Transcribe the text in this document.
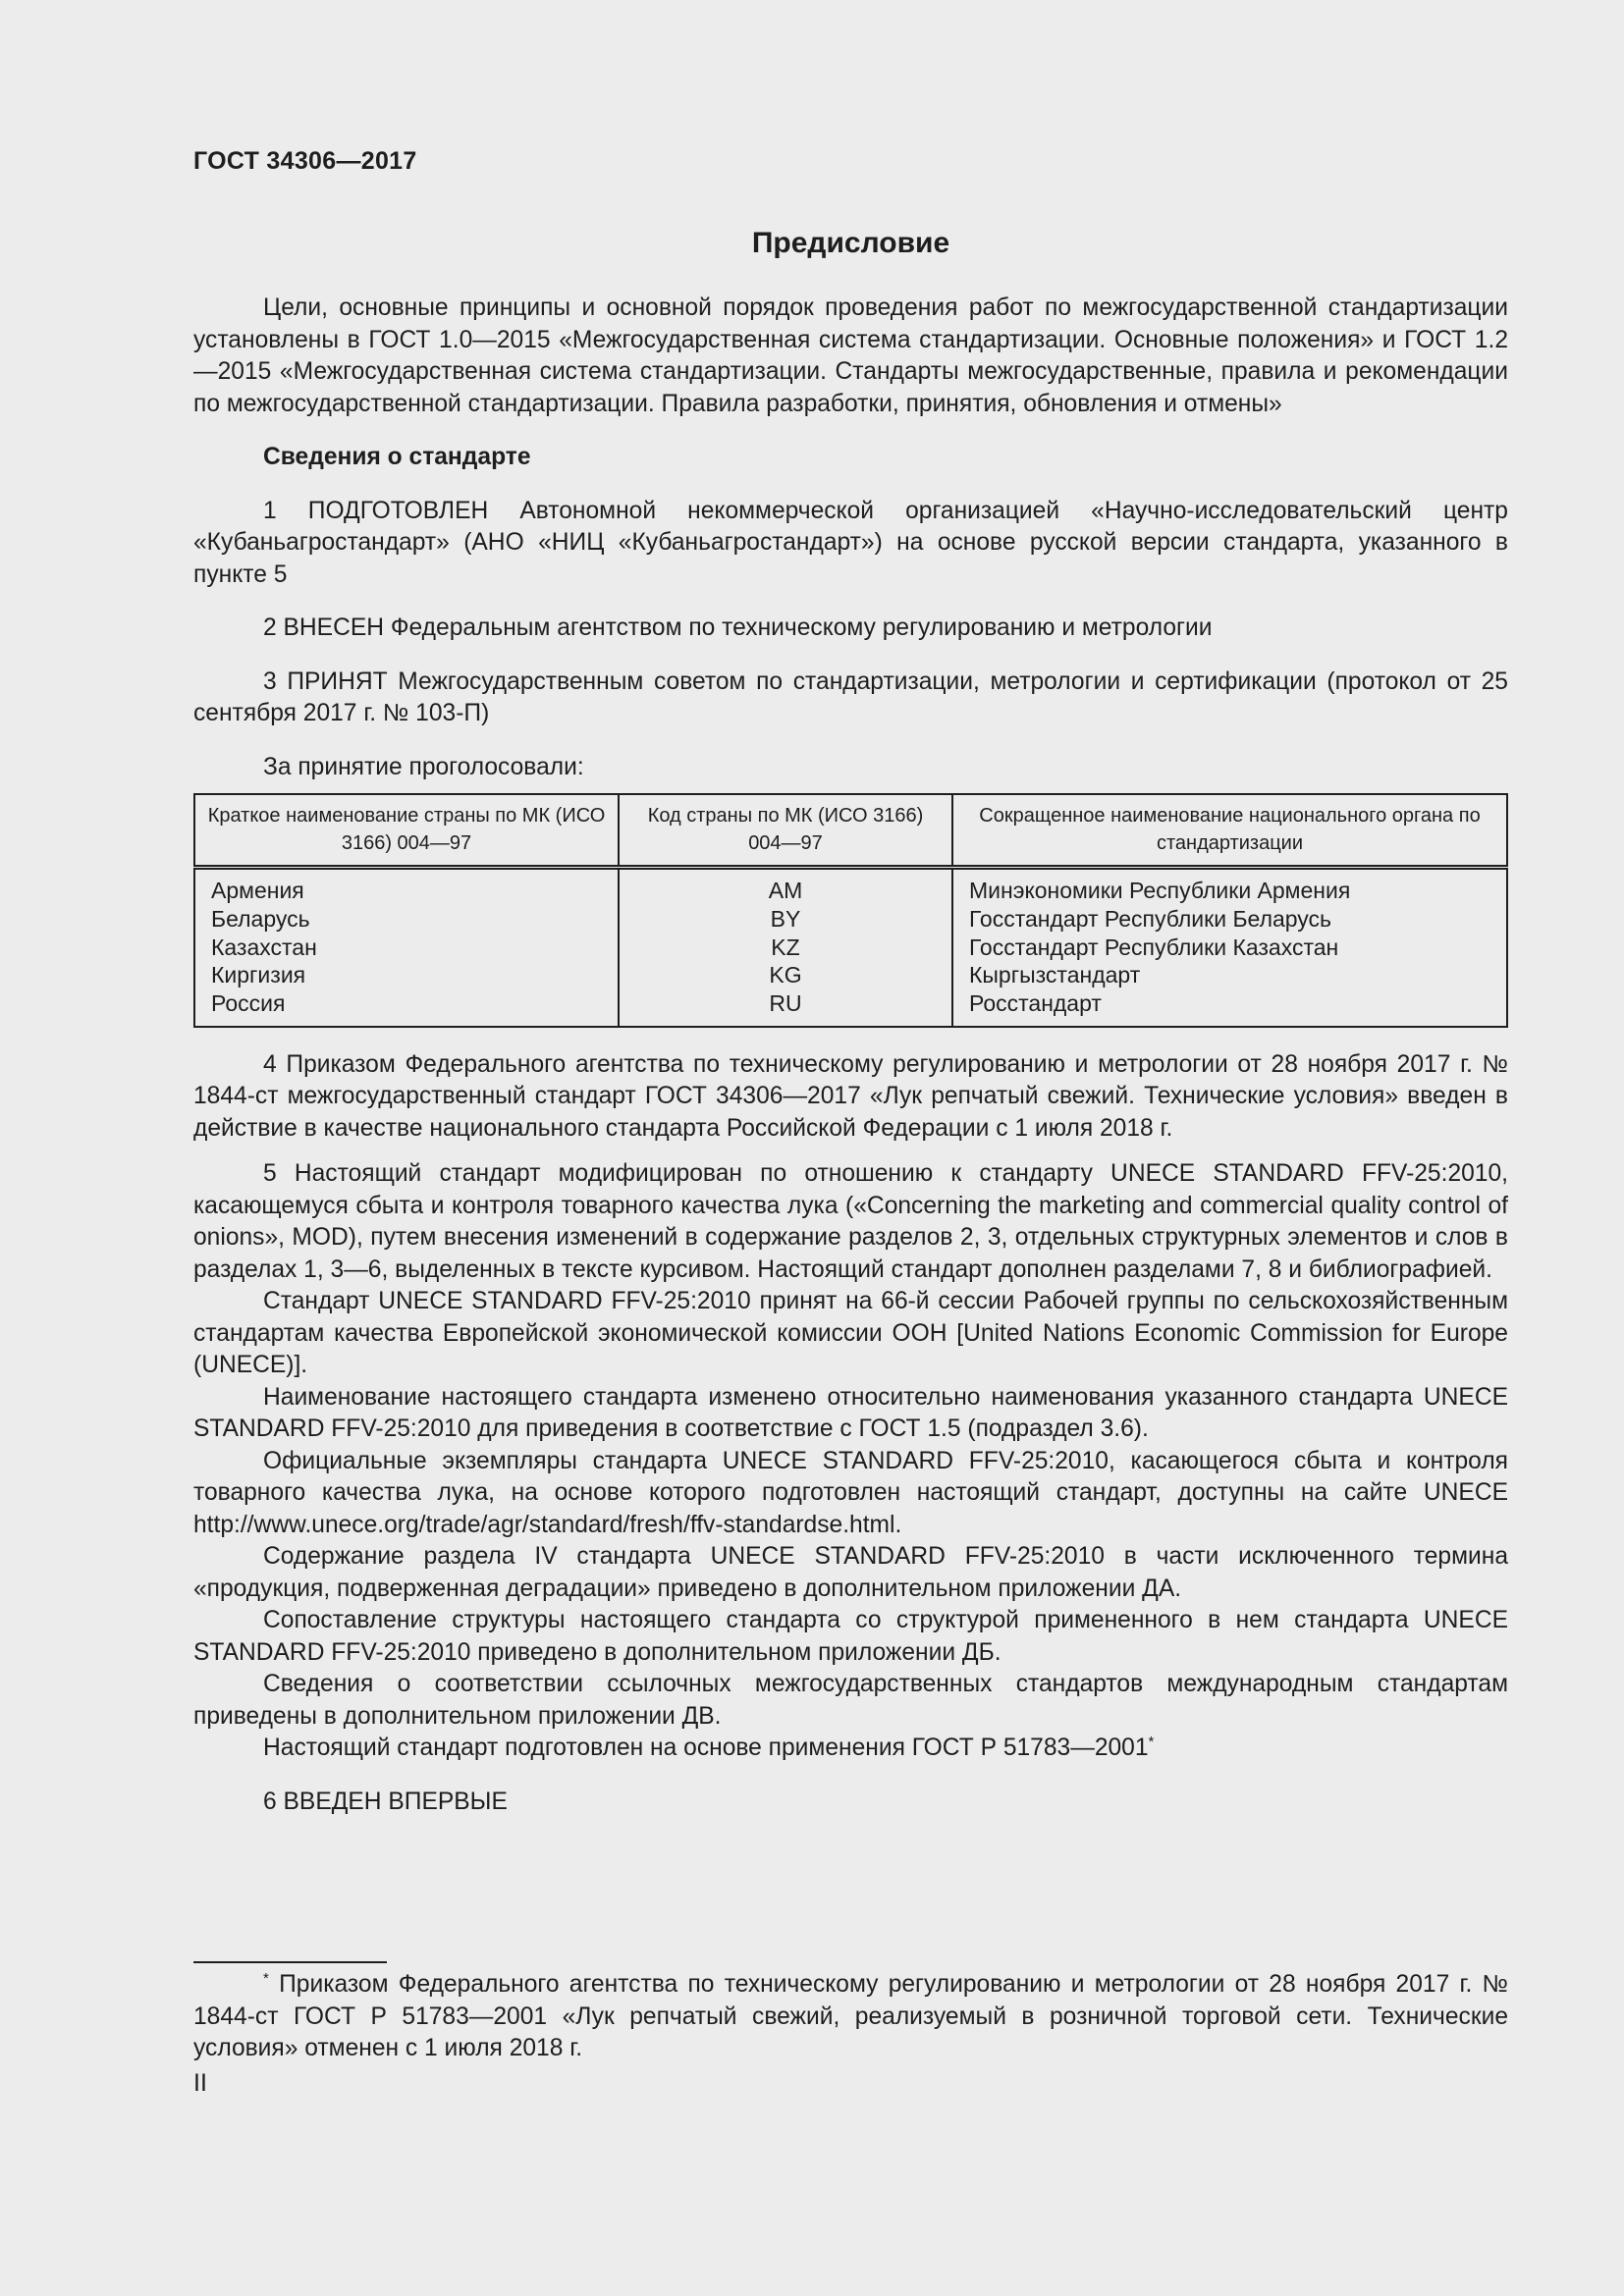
ГОСТ 34306—2017
Предисловие

Цели, основные принципы и основной порядок проведения работ по межгосударственной стандартизации установлены в ГОСТ 1.0—2015 «Межгосударственная система стандартизации. Основные положения» и ГОСТ 1.2—2015 «Межгосударственная система стандартизации. Стандарты межгосударственные, правила и рекомендации по межгосударственной стандартизации. Правила разработки, принятия, обновления и отмены»

Сведения о стандарте

1 ПОДГОТОВЛЕН Автономной некоммерческой организацией «Научно-исследовательский центр «Кубаньагростандарт» (АНО «НИЦ «Кубаньагростандарт») на основе русской версии стандарта, указанного в пункте 5

2 ВНЕСЕН Федеральным агентством по техническому регулированию и метрологии

3 ПРИНЯТ Межгосударственным советом по стандартизации, метрологии и сертификации (протокол от 25 сентября 2017 г. № 103-П)

За принятие проголосовали:

Краткое наименование страны по МК (ИСО 3166) 004—97	Код страны по МК (ИСО 3166) 004—97	Сокращенное наименование национального органа по стандартизации
Армения	AM	Минэкономики Республики Армения
Беларусь	BY	Госстандарт Республики Беларусь
Казахстан	KZ	Госстандарт Республики Казахстан
Киргизия	KG	Кыргызстандарт
Россия	RU	Росстандарт

4 Приказом Федерального агентства по техническому регулированию и метрологии от 28 ноября 2017 г. № 1844-ст межгосударственный стандарт ГОСТ 34306—2017 «Лук репчатый свежий. Технические условия» введен в действие в качестве национального стандарта Российской Федерации с 1 июля 2018 г.

5 Настоящий стандарт модифицирован по отношению к стандарту UNECE STANDARD FFV-25:2010, касающемуся сбыта и контроля товарного качества лука («Concerning the marketing and commercial quality control of onions», MOD), путем внесения изменений в содержание разделов 2, 3, отдельных структурных элементов и слов в разделах 1, 3—6, выделенных в тексте курсивом. Настоящий стандарт дополнен разделами 7, 8 и библиографией.

Стандарт UNECE STANDARD FFV-25:2010 принят на 66-й сессии Рабочей группы по сельскохозяйственным стандартам качества Европейской экономической комиссии ООН [United Nations Economic Commission for Europe (UNECE)].

Наименование настоящего стандарта изменено относительно наименования указанного стандарта UNECE STANDARD FFV-25:2010 для приведения в соответствие с ГОСТ 1.5 (подраздел 3.6).

Официальные экземпляры стандарта UNECE STANDARD FFV-25:2010, касающегося сбыта и контроля товарного качества лука, на основе которого подготовлен настоящий стандарт, доступны на сайте UNECE http://www.unece.org/trade/agr/standard/fresh/ffv-standardse.html.

Содержание раздела IV стандарта UNECE STANDARD FFV-25:2010 в части исключенного термина «продукция, подверженная деградации» приведено в дополнительном приложении ДА.

Сопоставление структуры настоящего стандарта со структурой примененного в нем стандарта UNECE STANDARD FFV-25:2010 приведено в дополнительном приложении ДБ.

Сведения о соответствии ссылочных межгосударственных стандартов международным стандартам приведены в дополнительном приложении ДВ.

Настоящий стандарт подготовлен на основе применения ГОСТ Р 51783—2001*

6 ВВЕДЕН ВПЕРВЫЕ

* Приказом Федерального агентства по техническому регулированию и метрологии от 28 ноября 2017 г. № 1844-ст ГОСТ Р 51783—2001 «Лук репчатый свежий, реализуемый в розничной торговой сети. Технические условия» отменен с 1 июля 2018 г.
II
